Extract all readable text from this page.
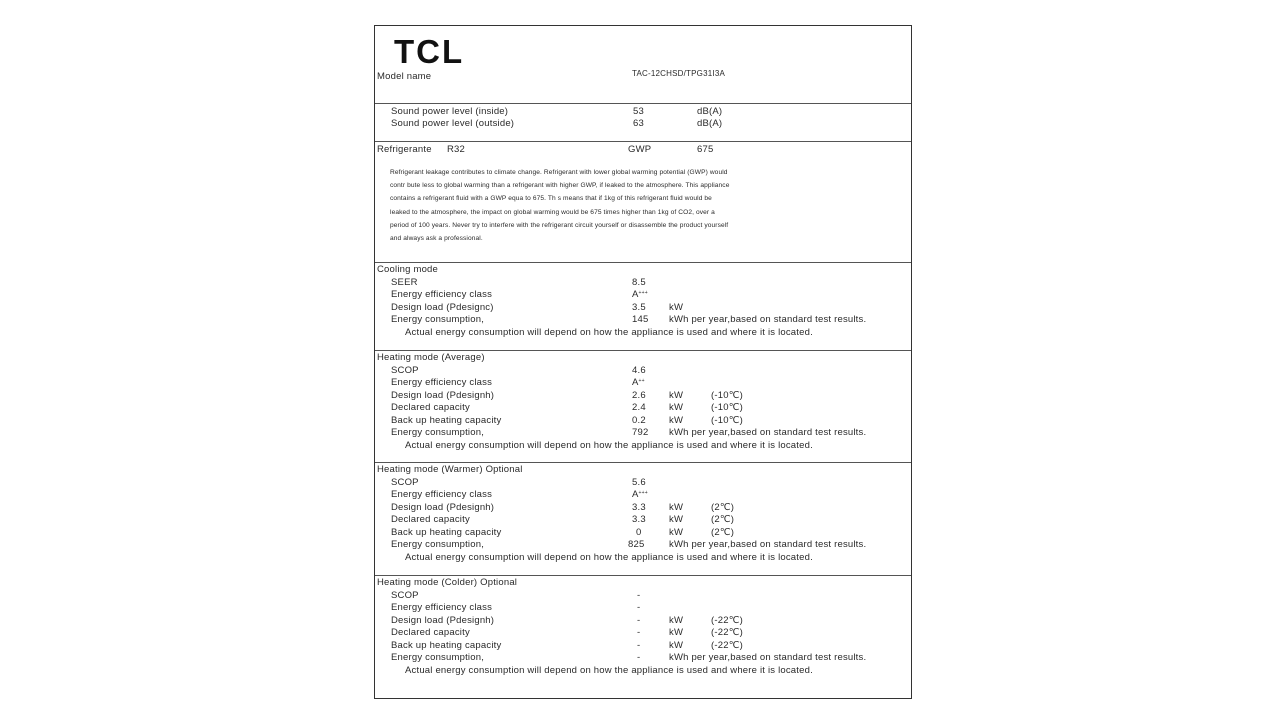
TCL
Model name	TAC-12CHSD/TPG31I3A
Sound power level (inside)	53	dB(A)
Sound power level (outside)	63	dB(A)
Refrigerante R32	GWP	675
Refrigerant leakage contributes to climate change. Refrigerant with lower global warming potential (GWP) would
contr bute less to global warming than a refrigerant with higher GWP, if leaked to the atmosphere. This appliance
contains a refrigerant fluid with a GWP equa to 675. Th s means that if 1kg of this refrigerant fluid would be
leaked to the atmosphere, the impact on global warming would be 675 times higher than 1kg of CO2, over a
period of 100 years. Never try to interfere with the refrigerant circuit yourself or disassemble the product yourself
and always ask a professional.
Cooling mode
SEER	8.5
Energy efficiency class	A+++
Design load (Pdesignc)	3.5 kW
Energy consumption,	145 kWh per year,based on standard test results.
Actual energy consumption will depend on how the appliance is used and where it is located.
Heating mode (Average)
SCOP	4.6
Energy efficiency class	A++
Design load (Pdesignh)	2.6 kW	(-10℃)
Declared capacity	2.4 kW	(-10℃)
Back up heating capacity	0.2 kW	(-10℃)
Energy consumption,	792 kWh per year,based on standard test results.
Actual energy consumption will depend on how the appliance is used and where it is located.
Heating mode (Warmer) Optional
SCOP	5.6
Energy efficiency class	A+++
Design load (Pdesignh)	3.3 kW	(2℃)
Declared capacity	3.3 kW	(2℃)
Back up heating capacity	0	kW	(2℃)
Energy consumption,	825	kWh per year,based on standard test results.
Actual energy consumption will depend on how the appliance is used and where it is located.
Heating mode (Colder) Optional
SCOP	-
Energy efficiency class	-
Design load (Pdesignh)	-	kW	(-22℃)
Declared capacity	-	kW	(-22℃)
Back up heating capacity	-	kW	(-22℃)
Energy consumption,	-	kWh per year,based on standard test results.
Actual energy consumption will depend on how the appliance is used and where it is located.
